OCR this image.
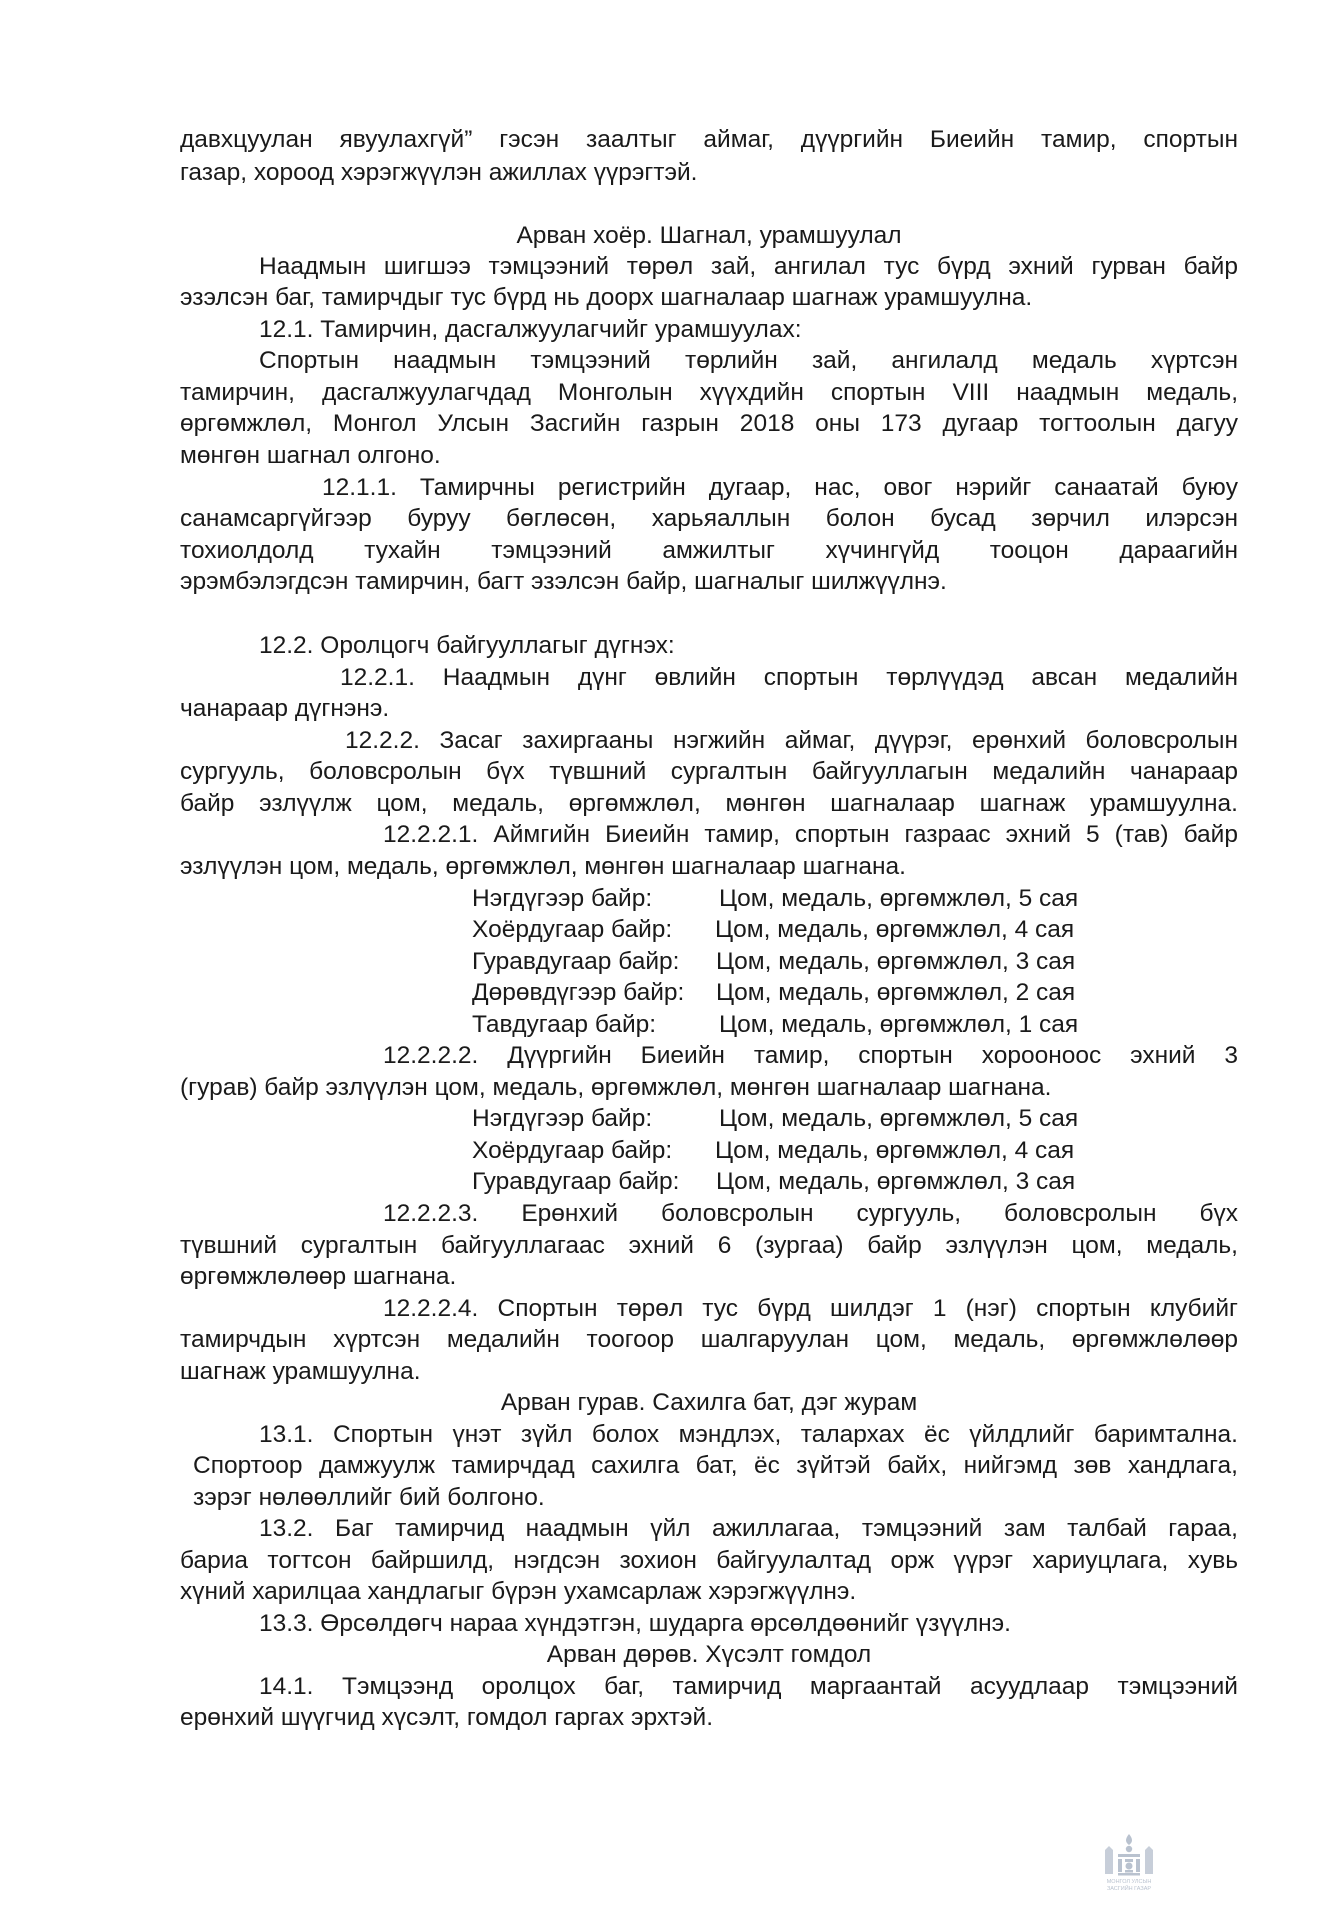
давхцуулан явуулахгүй” гэсэн заалтыг аймаг, дүүргийн Биеийн тамир, спортын
газар, хороод хэрэгжүүлэн ажиллах үүрэгтэй.
Арван хоёр. Шагнал, урамшуулал
Наадмын шигшээ тэмцээний төрөл зай, ангилал тус бүрд эхний гурван байр
эзэлсэн баг, тамирчдыг тус бүрд нь доорх шагналаар шагнаж урамшуулна.
12.1. Тамирчин, дасгалжуулагчийг урамшуулах:
Спортын наадмын тэмцээний төрлийн зай, ангилалд медаль хүртсэн
тамирчин, дасгалжуулагчдад Монголын хүүхдийн спортын VIII наадмын медаль,
өргөмжлөл, Монгол Улсын Засгийн газрын 2018 оны 173 дугаар тогтоолын дагуу
мөнгөн шагнал олгоно.
12.1.1. Тамирчны регистрийн дугаар, нас, овог нэрийг санаатай буюу
санамсаргүйгээр буруу бөглөсөн, харьяаллын болон бусад зөрчил илэрсэн
тохиолдолд тухайн тэмцээний амжилтыг хүчингүйд тооцон дараагийн
эрэмбэлэгдсэн тамирчин, багт эзэлсэн байр, шагналыг шилжүүлнэ.
12.2. Оролцогч байгууллагыг дүгнэх:
12.2.1. Наадмын дүнг өвлийн спортын төрлүүдэд авсан медалийн
чанараар дүгнэнэ.
12.2.2. Засаг захиргааны нэгжийн аймаг, дүүрэг, ерөнхий боловсролын
сургууль, боловсролын бүх түвшний сургалтын байгууллагын медалийн чанараар
байр эзлүүлж цом, медаль, өргөмжлөл, мөнгөн шагналаар шагнаж урамшуулна.
12.2.2.1. Аймгийн Биеийн тамир, спортын газраас эхний 5 (тав) байр
эзлүүлэн цом, медаль, өргөмжлөл, мөнгөн шагналаар шагнана.
Нэгдүгээр байр:	Цом, медаль, өргөмжлөл, 5 сая
Хоёрдугаар байр: Цом, медаль, өргөмжлөл, 4 сая
Гуравдугаар байр: Цом, медаль, өргөмжлөл, 3 сая
Дөрөвдүгээр байр: Цом, медаль, өргөмжлөл, 2 сая
Тавдугаар байр:	Цом, медаль, өргөмжлөл, 1 сая
12.2.2.2. Дүүргийн Биеийн тамир, спортын хорооноос эхний 3
(гурав) байр эзлүүлэн цом, медаль, өргөмжлөл, мөнгөн шагналаар шагнана.
Нэгдүгээр байр:	Цом, медаль, өргөмжлөл, 5 сая
Хоёрдугаар байр: Цом, медаль, өргөмжлөл, 4 сая
Гуравдугаар байр: Цом, медаль, өргөмжлөл, 3 сая
12.2.2.3. Ерөнхий боловсролын сургууль, боловсролын бүх
түвшний сургалтын байгууллагаас эхний 6 (зургаа) байр эзлүүлэн цом, медаль,
өргөмжлөлөөр шагнана.
12.2.2.4. Спортын төрөл тус бүрд шилдэг 1 (нэг) спортын клубийг
тамирчдын хүртсэн медалийн тоогоор шалгаруулан цом, медаль, өргөмжлөлөөр
шагнаж урамшуулна.
Арван гурав. Сахилга бат, дэг журам
13.1. Спортын үнэт зүйл болох мэндлэх, талархах ёс үйлдлийг баримтална.
Спортоор дамжуулж тамирчдад сахилга бат, ёс зүйтэй байх, нийгэмд зөв хандлага,
зэрэг нөлөөллийг бий болгоно.
13.2. Баг тамирчид наадмын үйл ажиллагаа, тэмцээний зам талбай гараа,
бариа тогтсон байршилд, нэгдсэн зохион байгуулалтад орж үүрэг хариуцлага, хувь
хүний харилцаа хандлагыг бүрэн ухамсарлаж хэрэгжүүлнэ.
13.3. Өрсөлдөгч нараа хүндэтгэн, шударга өрсөлдөөнийг үзүүлнэ.
Арван дөрөв. Хүсэлт гомдол
14.1. Тэмцээнд оролцох баг, тамирчид маргаантай асуудлаар тэмцээний
ерөнхий шүүгчид хүсэлт, гомдол гаргах эрхтэй.
МОНГОЛ УЛСЫН
ЗАСГИЙН ГАЗАР
